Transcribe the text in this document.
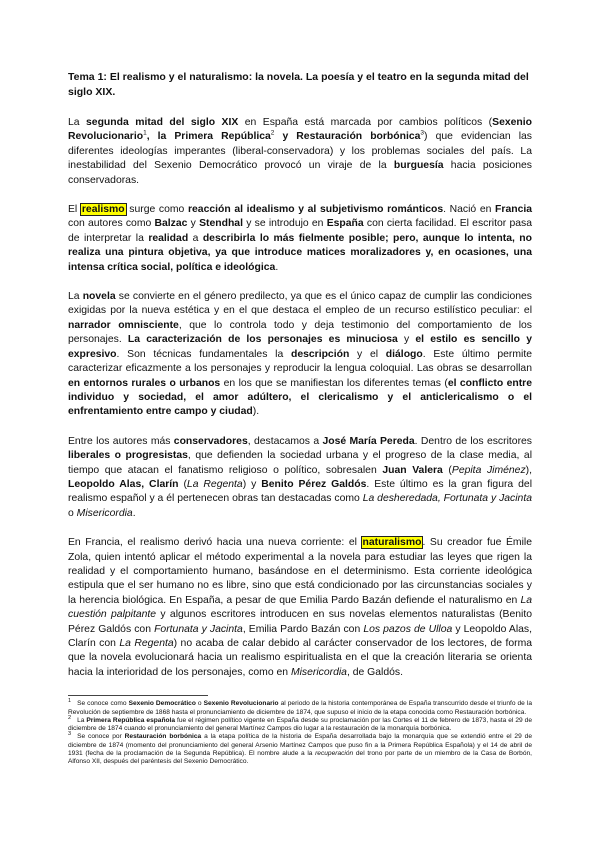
Tema 1: El realismo y el naturalismo: la novela. La poesía y el teatro en la segunda mitad del siglo XIX.

La segunda mitad del siglo XIX en España está marcada por cambios políticos (Sexenio Revolucionario$^1$, la Primera República$^2$ y Restauración borbónica$^3$) que evidencian las diferentes ideologías imperantes (liberal-conservadora) y los problemas sociales del país. La inestabilidad del Sexenio Democrático provocó un viraje de la burguesía hacia posiciones conservadoras.

El realismo surge como reacción al idealismo y al subjetivismo románticos. Nació en Francia con autores como Balzac y Stendhal y se introdujo en España con cierta facilidad. El escritor pasa de interpretar la realidad a describirla lo más fielmente posible; pero, aunque lo intenta, no realiza una pintura objetiva, ya que introduce matices moralizadores y, en ocasiones, una intensa crítica social, política e ideológica.

La novela se convierte en el género predilecto, ya que es el único capaz de cumplir las condiciones exigidas por la nueva estética y en el que destaca el empleo de un recurso estilístico peculiar: el narrador omnisciente, que lo controla todo y deja testimonio del comportamiento de los personajes. La caracterización de los personajes es minuciosa y el estilo es sencillo y expresivo. Son técnicas fundamentales la descripción y el diálogo. Este último permite caracterizar eficazmente a los personajes y reproducir la lengua coloquial. Las obras se desarrollan en entornos rurales o urbanos en los que se manifiestan los diferentes temas (el conflicto entre individuo y sociedad, el amor adúltero, el clericalismo y el anticlericalismo o el enfrentamiento entre campo y ciudad).

Entre los autores más conservadores, destacamos a José María Pereda. Dentro de los escritores liberales o progresistas, que defienden la sociedad urbana y el progreso de la clase media, al tiempo que atacan el fanatismo religioso o político, sobresalen Juan Valera (Pepita Jiménez), Leopoldo Alas, Clarín (La Regenta) y Benito Pérez Galdós. Este último es la gran figura del realismo español y a él pertenecen obras tan destacadas como La desheredada, Fortunata y Jacinta o Misericordia.

En Francia, el realismo derivó hacia una nueva corriente: el naturalismo. Su creador fue Émile Zola, quien intentó aplicar el método experimental a la novela para estudiar las leyes que rigen la realidad y el comportamiento humano, basándose en el determinismo. Esta corriente ideológica estipula que el ser humano no es libre, sino que está condicionado por las circunstancias sociales y la herencia biológica. En España, a pesar de que Emilia Pardo Bazán defiende el naturalismo en La cuestión palpitante y algunos escritores introducen en sus novelas elementos naturalistas (Benito Pérez Galdós con Fortunata y Jacinta, Emilia Pardo Bazán con Los pazos de Ulloa y Leopoldo Alas, Clarín con La Regenta) no acaba de calar debido al carácter conservador de los lectores, de forma que la novela evolucionará hacia un realismo espiritualista en el que la creación literaria se orienta hacia la interioridad de los personajes, como en Misericordia, de Galdós.

$^1$ Se conoce como Sexenio Democrático o Sexenio Revolucionario al periodo de la historia contemporánea de España transcurrido desde el triunfo de la Revolución de septiembre de 1868 hasta el pronunciamiento de diciembre de 1874, que supuso el inicio de la etapa conocida como Restauración borbónica.

$^2$ La Primera República española fue el régimen político vigente en España desde su proclamación por las Cortes el 11 de febrero de 1873, hasta el 29 de diciembre de 1874 cuando el pronunciamiento del general Martínez Campos dio lugar a la restauración de la monarquía borbónica.

$^3$ Se conoce por Restauración borbónica a la etapa política de la historia de España desarrollada bajo la monarquía que se extendió entre el 29 de diciembre de 1874 (momento del pronunciamiento del general Arsenio Martínez Campos que puso fin a la Primera República Española) y el 14 de abril de 1931 (fecha de la proclamación de la Segunda República). El nombre alude a la recuperación del trono por parte de un miembro de la Casa de Borbón, Alfonso XII, después del paréntesis del Sexenio Democrático.
